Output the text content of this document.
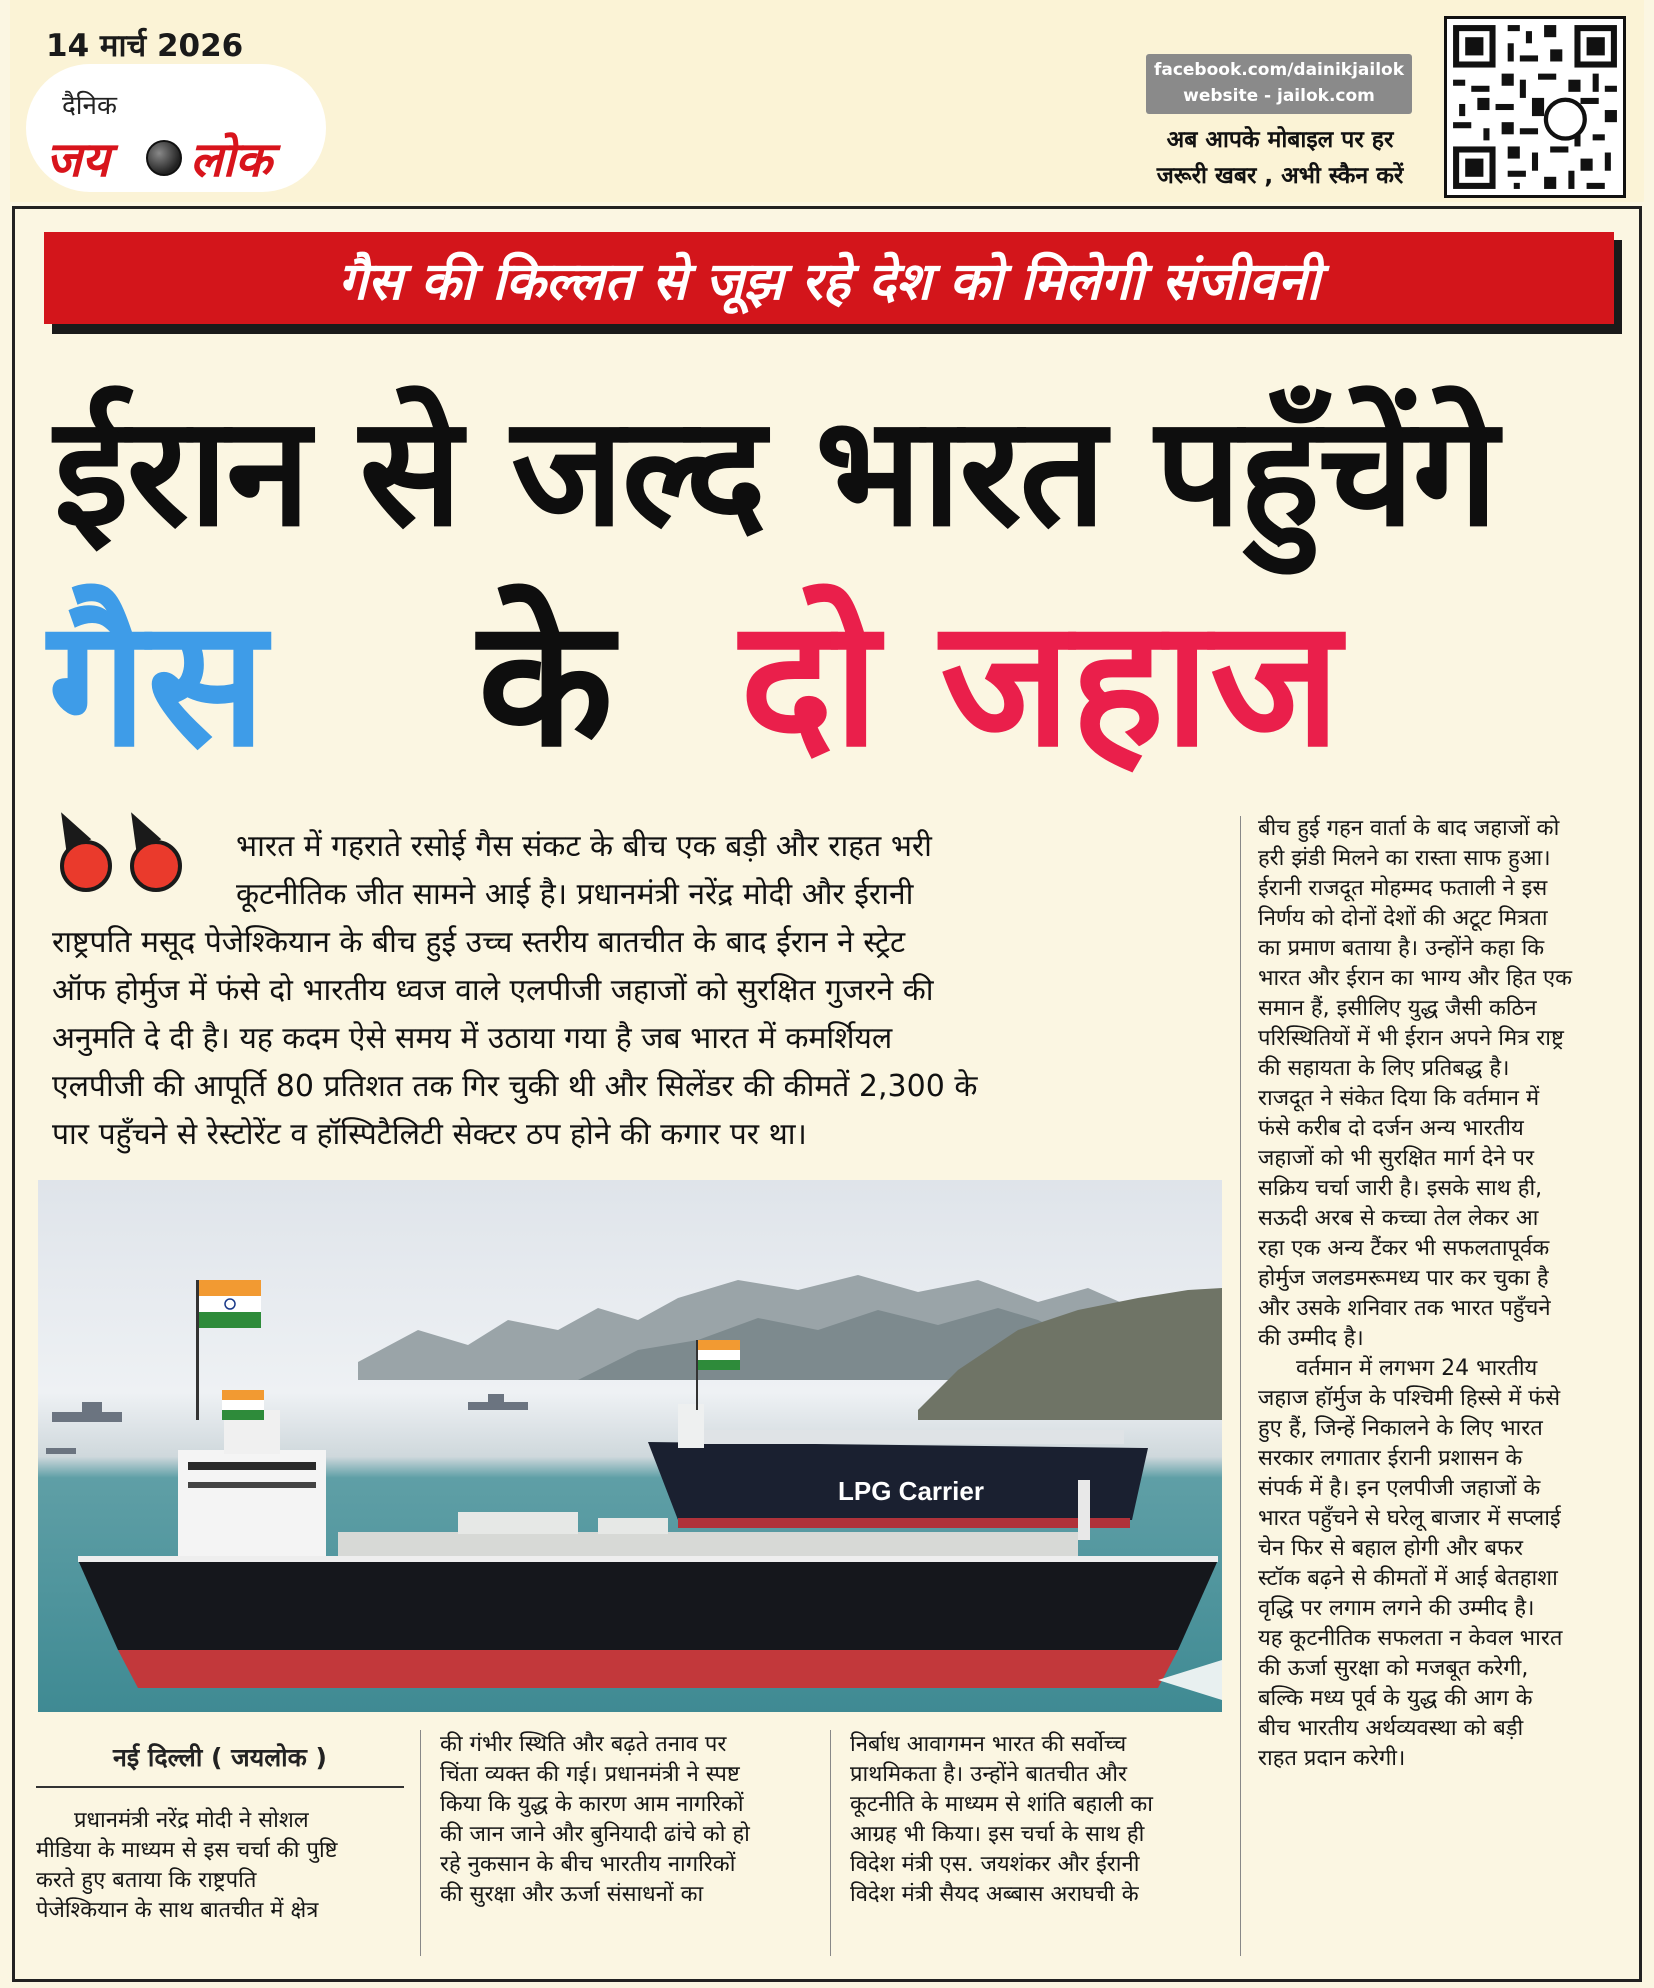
14 मार्च 2026
दैनिक
जय लोक
facebook.com/dainikjailok
website - jailok.com
अब आपके मोबाइल पर हर
जरूरी खबर , अभी स्कैन करें
गैस की किल्लत से जूझ रहे देश को मिलेगी संजीवनी
ईरान से जल्द भारत पहुँचेंगे
गैस के दो जहाज
भारत में गहराते रसोई गैस संकट के बीच एक बड़ी और राहत भरी
कूटनीतिक जीत सामने आई है। प्रधानमंत्री नरेंद्र मोदी और ईरानी
राष्ट्रपति मसूद पेजेश्कियान के बीच हुई उच्च स्तरीय बातचीत के बाद ईरान ने स्ट्रेट
ऑफ होर्मुज में फंसे दो भारतीय ध्वज वाले एलपीजी जहाजों को सुरक्षित गुजरने की
अनुमति दे दी है। यह कदम ऐसे समय में उठाया गया है जब भारत में कमर्शियल
एलपीजी की आपूर्ति 80 प्रतिशत तक गिर चुकी थी और सिलेंडर की कीमतें 2,300 के
पार पहुँचने से रेस्टोरेंट व हॉस्पिटैलिटी सेक्टर ठप होने की कगार पर था।
LPG Carrier
बीच हुई गहन वार्ता के बाद जहाजों को
हरी झंडी मिलने का रास्ता साफ हुआ।
ईरानी राजदूत मोहम्मद फताली ने इस
निर्णय को दोनों देशों की अटूट मित्रता
का प्रमाण बताया है। उन्होंने कहा कि
भारत और ईरान का भाग्य और हित एक
समान हैं, इसीलिए युद्ध जैसी कठिन
परिस्थितियों में भी ईरान अपने मित्र राष्ट्र
की सहायता के लिए प्रतिबद्ध है।
राजदूत ने संकेत दिया कि वर्तमान में
फंसे करीब दो दर्जन अन्य भारतीय
जहाजों को भी सुरक्षित मार्ग देने पर
सक्रिय चर्चा जारी है। इसके साथ ही,
सऊदी अरब से कच्चा तेल लेकर आ
रहा एक अन्य टैंकर भी सफलतापूर्वक
होर्मुज जलडमरूमध्य पार कर चुका है
और उसके शनिवार तक भारत पहुँचने
की उम्मीद है।
वर्तमान में लगभग 24 भारतीय
जहाज हॉर्मुज के पश्चिमी हिस्से में फंसे
हुए हैं, जिन्हें निकालने के लिए भारत
सरकार लगातार ईरानी प्रशासन के
संपर्क में है। इन एलपीजी जहाजों के
भारत पहुँचने से घरेलू बाजार में सप्लाई
चेन फिर से बहाल होगी और बफर
स्टॉक बढ़ने से कीमतों में आई बेतहाशा
वृद्धि पर लगाम लगने की उम्मीद है।
यह कूटनीतिक सफलता न केवल भारत
की ऊर्जा सुरक्षा को मजबूत करेगी,
बल्कि मध्य पूर्व के युद्ध की आग के
बीच भारतीय अर्थव्यवस्था को बड़ी
राहत प्रदान करेगी।
नई दिल्ली ( जयलोक )
प्रधानमंत्री नरेंद्र मोदी ने सोशल
मीडिया के माध्यम से इस चर्चा की पुष्टि
करते हुए बताया कि राष्ट्रपति
पेजेश्कियान के साथ बातचीत में क्षेत्र
की गंभीर स्थिति और बढ़ते तनाव पर
चिंता व्यक्त की गई। प्रधानमंत्री ने स्पष्ट
किया कि युद्ध के कारण आम नागरिकों
की जान जाने और बुनियादी ढांचे को हो
रहे नुकसान के बीच भारतीय नागरिकों
की सुरक्षा और ऊर्जा संसाधनों का
निर्बाध आवागमन भारत की सर्वोच्च
प्राथमिकता है। उन्होंने बातचीत और
कूटनीति के माध्यम से शांति बहाली का
आग्रह भी किया। इस चर्चा के साथ ही
विदेश मंत्री एस. जयशंकर और ईरानी
विदेश मंत्री सैयद अब्बास अराघची के
